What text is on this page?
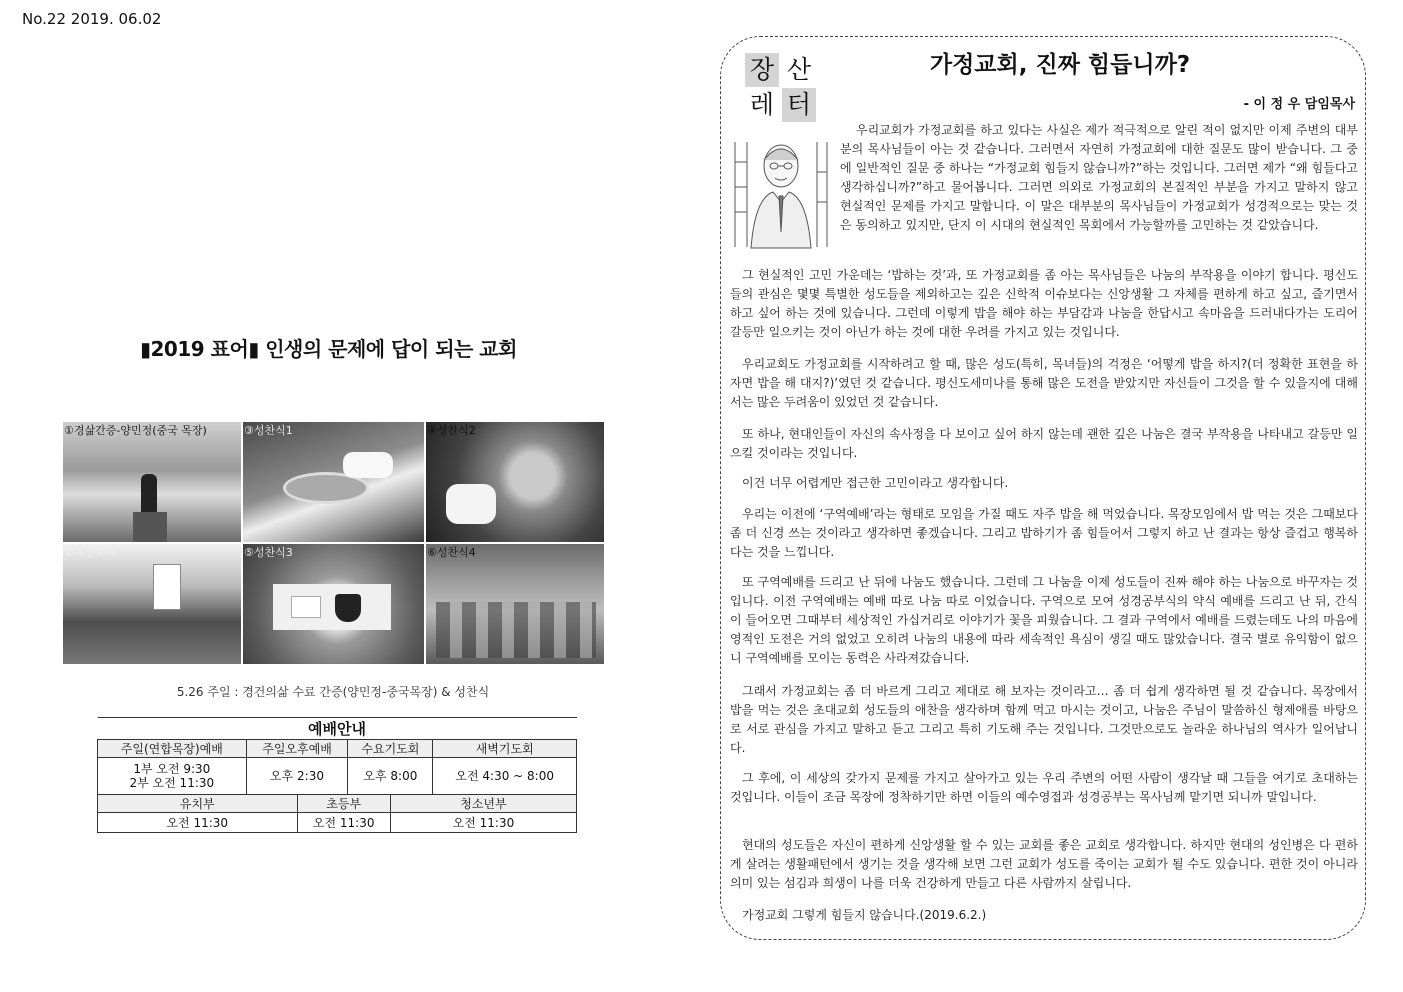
No.22 2019. 06.02
▮2019 표어▮ 인생의 문제에 답이 되는 교회
①경삶간증-양민정(중국 목장)	③성찬식1	④성찬식2
②목장축하	⑤성찬식3	⑥성찬식4
5.26 주일 : 경건의삶 수료 간증(양민정-중국목장) & 성찬식
예배안내					
주일(연합목장)예배	주일오후예배		수요기도회		새벽기도회

1부 오전 9:30
2부 오전 11:30	오후 2:30		오후 8:00		오전 4:30 ~ 8:00
유치부		초등부		청소년부	
오전 11:30		오전 11:30		오전 11:30	
장 산
레 터
가정교회, 진짜 힘듭니까?
- 이 정 우 담임목사
우리교회가 가정교회를 하고 있다는 사실은 제가 적극적으로 알린 적이 없지만 이제 주변의 대부분의 목사님들이 아는 것 같습니다. 그러면서 자연히 가정교회에 대한 질문도 많이 받습니다. 그 중에 일반적인 질문 중 하나는 “가정교회 힘들지 않습니까?”하는 것입니다. 그러면 제가 “왜 힘들다고 생각하십니까?”하고 물어봅니다. 그러면 의외로 가정교회의 본질적인 부분을 가지고 말하지 않고 현실적인 문제를 가지고 말합니다. 이 말은 대부분의 목사님들이 가정교회가 성경적으로는 맞는 것은 동의하고 있지만, 단지 이 시대의 현실적인 목회에서 가능할까를 고민하는 것 같았습니다.
그 현실적인 고민 가운데는 ‘밥하는 것’과, 또 가정교회를 좀 아는 목사님들은 나눔의 부작용을 이야기 합니다. 평신도들의 관심은 몇몇 특별한 성도들을 제외하고는 깊은 신학적 이슈보다는 신앙생활 그 자체를 편하게 하고 싶고, 즐기면서 하고 싶어 하는 것에 있습니다. 그런데 이렇게 밥을 해야 하는 부담감과 나눔을 한답시고 속마음을 드러내다가는 도리어 갈등만 일으키는 것이 아닌가 하는 것에 대한 우려를 가지고 있는 것입니다.
우리교회도 가정교회를 시작하려고 할 때, 많은 성도(특히, 목녀들)의 걱정은 ‘어떻게 밥을 하지?(더 정확한 표현을 하자면 밥을 해 대지?)’였던 것 같습니다. 평신도세미나를 통해 많은 도전을 받았지만 자신들이 그것을 할 수 있을지에 대해서는 많은 두려움이 있었던 것 같습니다.
또 하나, 현대인들이 자신의 속사정을 다 보이고 싶어 하지 않는데 괜한 깊은 나눔은 결국 부작용을 나타내고 갈등만 일으킬 것이라는 것입니다.
이건 너무 어렵게만 접근한 고민이라고 생각합니다.
우리는 이전에 ‘구역예배’라는 형태로 모임을 가질 때도 자주 밥을 해 먹었습니다. 목장모임에서 밥 먹는 것은 그때보다 좀 더 신경 쓰는 것이라고 생각하면 좋겠습니다. 그리고 밥하기가 좀 힘들어서 그렇지 하고 난 결과는 항상 즐겁고 행복하다는 것을 느낍니다.
또 구역예배를 드리고 난 뒤에 나눔도 했습니다. 그런데 그 나눔을 이제 성도들이 진짜 해야 하는 나눔으로 바꾸자는 것입니다. 이전 구역예배는 예배 따로 나눔 따로 이었습니다. 구역으로 모여 성경공부식의 약식 예배를 드리고 난 뒤, 간식이 들어오면 그때부터 세상적인 가십거리로 이야기가 꽃을 피웠습니다. 그 결과 구역에서 예배를 드렸는데도 나의 마음에 영적인 도전은 거의 없었고 오히려 나눔의 내용에 따라 세속적인 욕심이 생길 때도 많았습니다. 결국 별로 유익함이 없으니 구역예배를 모이는 동력은 사라져갔습니다.
그래서 가정교회는 좀 더 바르게 그리고 제대로 해 보자는 것이라고… 좀 더 쉽게 생각하면 될 것 같습니다. 목장에서 밥을 먹는 것은 초대교회 성도들의 애찬을 생각하며 함께 먹고 마시는 것이고, 나눔은 주님이 말씀하신 형제애를 바탕으로 서로 관심을 가지고 말하고 듣고 그리고 특히 기도해 주는 것입니다. 그것만으로도 놀라운 하나님의 역사가 일어납니다.
그 후에, 이 세상의 갖가지 문제를 가지고 살아가고 있는 우리 주변의 어떤 사람이 생각날 때 그들을 여기로 초대하는 것입니다. 이들이 조금 목장에 정착하기만 하면 이들의 예수영접과 성경공부는 목사님께 맡기면 되니까 말입니다.
현대의 성도들은 자신이 편하게 신앙생활 할 수 있는 교회를 좋은 교회로 생각합니다. 하지만 현대의 성인병은 다 편하게 살려는 생활패턴에서 생기는 것을 생각해 보면 그런 교회가 성도를 죽이는 교회가 될 수도 있습니다. 편한 것이 아니라 의미 있는 섬김과 희생이 나를 더욱 건강하게 만들고 다른 사람까지 살립니다.
가정교회 그렇게 힘들지 않습니다.(2019.6.2.)
